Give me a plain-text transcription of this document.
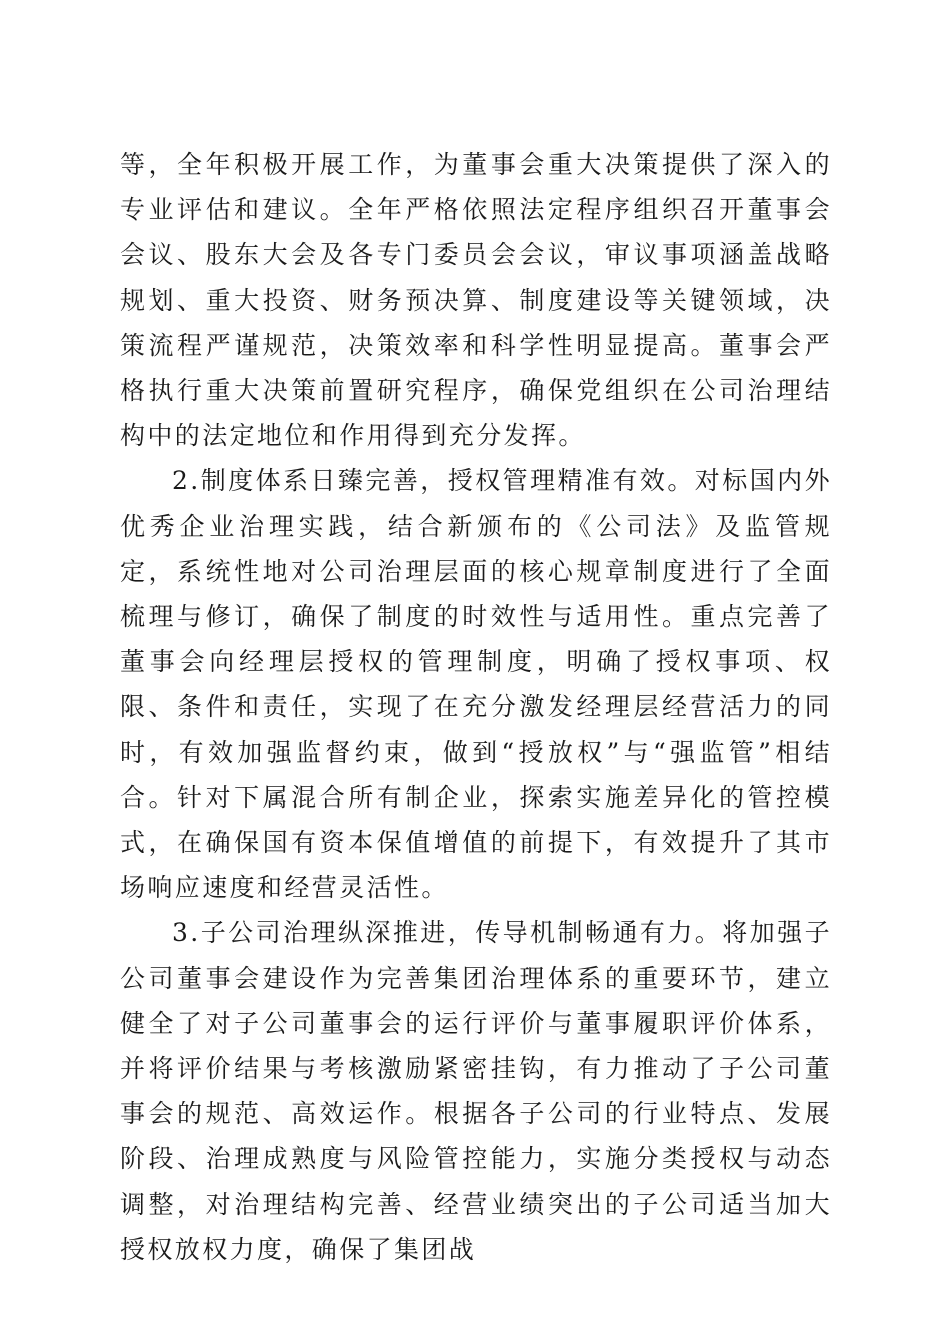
等，全年积极开展工作，为董事会重大决策提供了深入的专业评估和建议。全年严格依照法定程序组织召开董事会会议、股东大会及各专门委员会会议，审议事项涵盖战略规划、重大投资、财务预决算、制度建设等关键领域，决策流程严谨规范，决策效率和科学性明显提高。董事会严格执行重大决策前置研究程序，确保党组织在公司治理结构中的法定地位和作用得到充分发挥。

2.制度体系日臻完善，授权管理精准有效。对标国内外优秀企业治理实践，结合新颁布的《公司法》及监管规定，系统性地对公司治理层面的核心规章制度进行了全面梳理与修订，确保了制度的时效性与适用性。重点完善了董事会向经理层授权的管理制度，明确了授权事项、权限、条件和责任，实现了在充分激发经理层经营活力的同时，有效加强监督约束，做到“授放权”与“强监管”相结合。针对下属混合所有制企业，探索实施差异化的管控模式，在确保国有资本保值增值的前提下，有效提升了其市场响应速度和经营灵活性。

3.子公司治理纵深推进，传导机制畅通有力。将加强子公司董事会建设作为完善集团治理体系的重要环节，建立健全了对子公司董事会的运行评价与董事履职评价体系，并将评价结果与考核激励紧密挂钩，有力推动了子公司董事会的规范、高效运作。根据各子公司的行业特点、发展阶段、治理成熟度与风险管控能力，实施分类授权与动态调整，对治理结构完善、经营业绩突出的子公司适当加大授权放权力度，确保了集团战
